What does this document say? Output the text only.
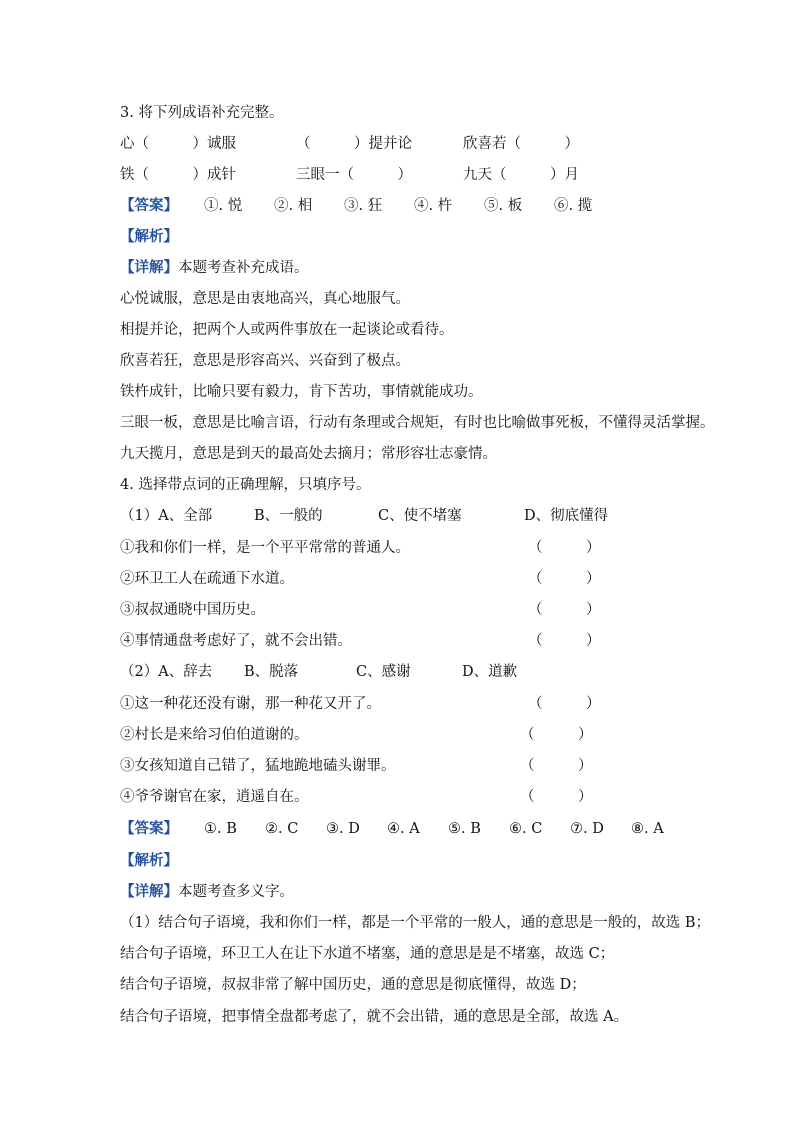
3. 将下列成语补充完整。
心（　　　）诚服	（　　　）提并论	欣喜若（　　　）
铁（　　　）成针	三眼一（　　　）	九天（　　　）月
【答案】 ①. 悦 ②. 相 ③. 狂 ④. 杵 ⑤. 板 ⑥. 揽
【解析】
【详解】本题考查补充成语。
心悦诚服，意思是由衷地高兴，真心地服气。
相提并论，把两个人或两件事放在一起谈论或看待。
欣喜若狂，意思是形容高兴、兴奋到了极点。
铁杵成针，比喻只要有毅力，肯下苦功，事情就能成功。
三眼一板，意思是比喻言语，行动有条理或合规矩，有时也比喻做事死板，不懂得灵活掌握。
九天揽月，意思是到天的最高处去摘月；常形容壮志豪情。
4. 选择带点词的正确理解，只填序号。
（1）A、全部	B、一般的	C、使不堵塞	D、彻底懂得
①我和你们一样，是一个平平常常的普通人。	（　　　）
②环卫工人在疏通下水道。	（　　　）
③叔叔通晓中国历史。	（　　　）
④事情通盘考虑好了，就不会出错。	（　　　）
（2）A、辞去 B、脱落	C、感谢	D、道歉
①这一种花还没有谢，那一种花又开了。	（　　　）
②村长是来给习伯伯道谢的。	（　　　）
③女孩知道自己错了，猛地跪地磕头谢罪。	（　　　）
④爷爷谢官在家，逍遥自在。	（　　　）
【答案】 ①. B ②. C ③. D ④. A ⑤. B ⑥. C ⑦. D ⑧. A
【解析】
【详解】本题考查多义字。
（1）结合句子语境，我和你们一样，都是一个平常的一般人，通的意思是一般的，故选 B；
结合句子语境，环卫工人在让下水道不堵塞，通的意思是是不堵塞，故选 C；
结合句子语境，叔叔非常了解中国历史，通的意思是彻底懂得，故选 D；
结合句子语境，把事情全盘都考虑了，就不会出错，通的意思是全部，故选 A。
